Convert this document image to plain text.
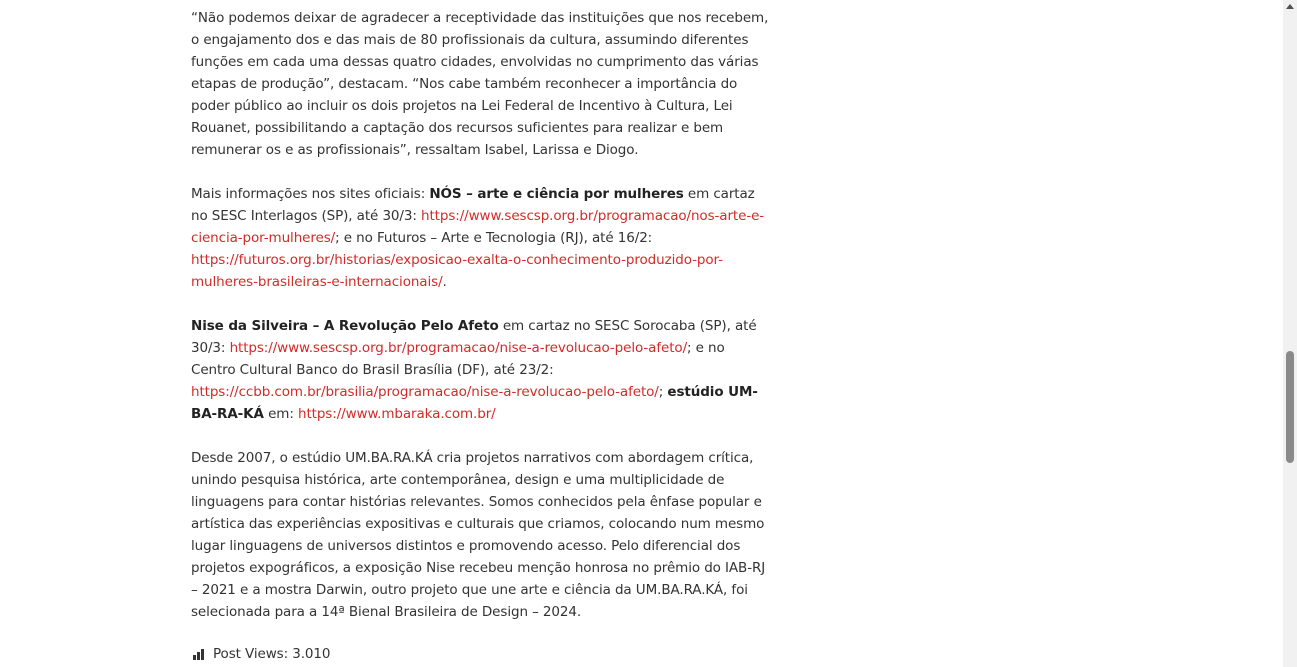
“Não podemos deixar de agradecer a receptividade das instituições que nos recebem, o engajamento dos e das mais de 80 profissionais da cultura, assumindo diferentes funções em cada uma dessas quatro cidades, envolvidas no cumprimento das várias etapas de produção”, destacam. “Nos cabe também reconhecer a importância do poder público ao incluir os dois projetos na Lei Federal de Incentivo à Cultura, Lei Rouanet, possibilitando a captação dos recursos suficientes para realizar e bem remunerar os e as profissionais”, ressaltam Isabel, Larissa e Diogo.

Mais informações nos sites oficiais: NÓS – arte e ciência por mulheres em cartaz no SESC Interlagos (SP), até 30/3: https://www.sescsp.org.br/programacao/nos-arte-e-ciencia-por-mulheres/; e no Futuros – Arte e Tecnologia (RJ), até 16/2: https://futuros.org.br/historias/exposicao-exalta-o-conhecimento-produzido-por-mulheres-brasileiras-e-internacionais/.

Nise da Silveira – A Revolução Pelo Afeto em cartaz no SESC Sorocaba (SP), até 30/3: https://www.sescsp.org.br/programacao/nise-a-revolucao-pelo-afeto/; e no Centro Cultural Banco do Brasil Brasília (DF), até 23/2: https://ccbb.com.br/brasilia/programacao/nise-a-revolucao-pelo-afeto/; estúdio UM-BA-RA-KÁ em: https://www.mbaraka.com.br/

Desde 2007, o estúdio UM.BA.RA.KÁ cria projetos narrativos com abordagem crítica, unindo pesquisa histórica, arte contemporânea, design e uma multiplicidade de linguagens para contar histórias relevantes. Somos conhecidos pela ênfase popular e artística das experiências expositivas e culturais que criamos, colocando num mesmo lugar linguagens de universos distintos e promovendo acesso. Pelo diferencial dos projetos expográficos, a exposição Nise recebeu menção honrosa no prêmio do IAB-RJ – 2021 e a mostra Darwin, outro projeto que une arte e ciência da UM.BA.RA.KÁ, foi selecionada para a 14ª Bienal Brasileira de Design – 2024.

Post Views: 3.010
